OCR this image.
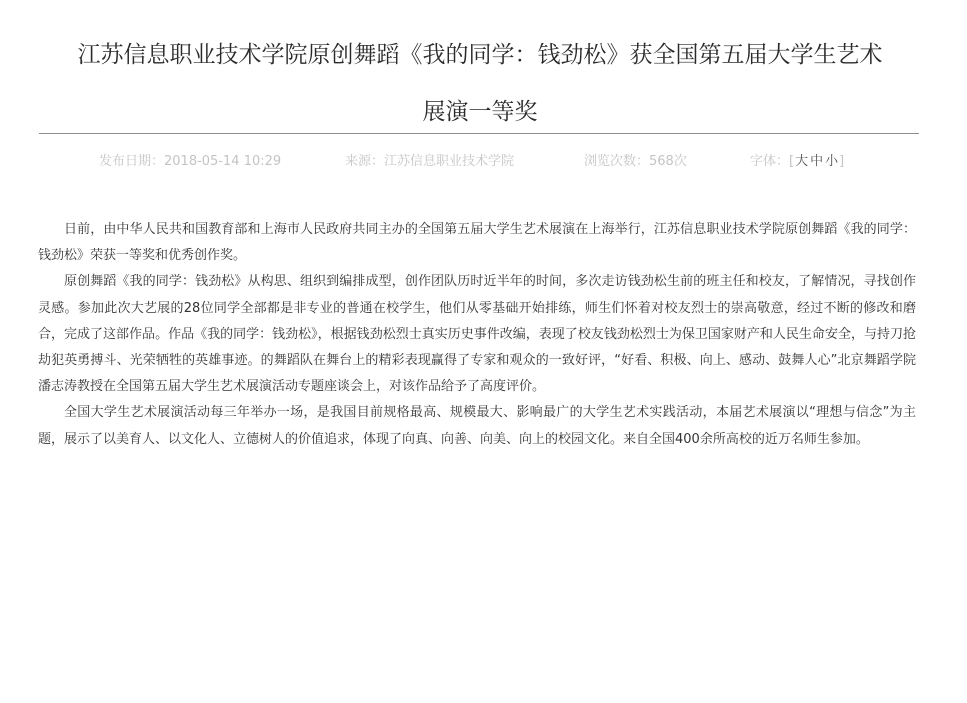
江苏信息职业技术学院原创舞蹈《我的同学：钱劲松》获全国第五届大学生艺术
展演一等奖
发布日期：2018-05-14 10:29	来源：江苏信息职业技术学院	浏览次数：568次	字体：[大 中 小]

日前，由中华人民共和国教育部和上海市人民政府共同主办的全国第五届大学生艺术展演在上海举行，江苏信息职业技术学院原创舞蹈《我的同学：钱劲松》荣获一等奖和优秀创作奖。

原创舞蹈《我的同学：钱劲松》从构思、组织到编排成型，创作团队历时近半年的时间，多次走访钱劲松生前的班主任和校友，了解情况，寻找创作灵感。参加此次大艺展的28位同学全部都是非专业的普通在校学生，他们从零基础开始排练，师生们怀着对校友烈士的崇高敬意，经过不断的修改和磨合，完成了这部作品。作品《我的同学：钱劲松》，根据钱劲松烈士真实历史事件改编，表现了校友钱劲松烈士为保卫国家财产和人民生命安全，与持刀抢劫犯英勇搏斗、光荣牺牲的英雄事迹。的舞蹈队在舞台上的精彩表现赢得了专家和观众的一致好评，“好看、积极、向上、感动、鼓舞人心”北京舞蹈学院潘志涛教授在全国第五届大学生艺术展演活动专题座谈会上，对该作品给予了高度评价。

全国大学生艺术展演活动每三年举办一场，是我国目前规格最高、规模最大、影响最广的大学生艺术实践活动，本届艺术展演以“理想与信念”为主题，展示了以美育人、以文化人、立德树人的价值追求，体现了向真、向善、向美、向上的校园文化。来自全国400余所高校的近万名师生参加。
